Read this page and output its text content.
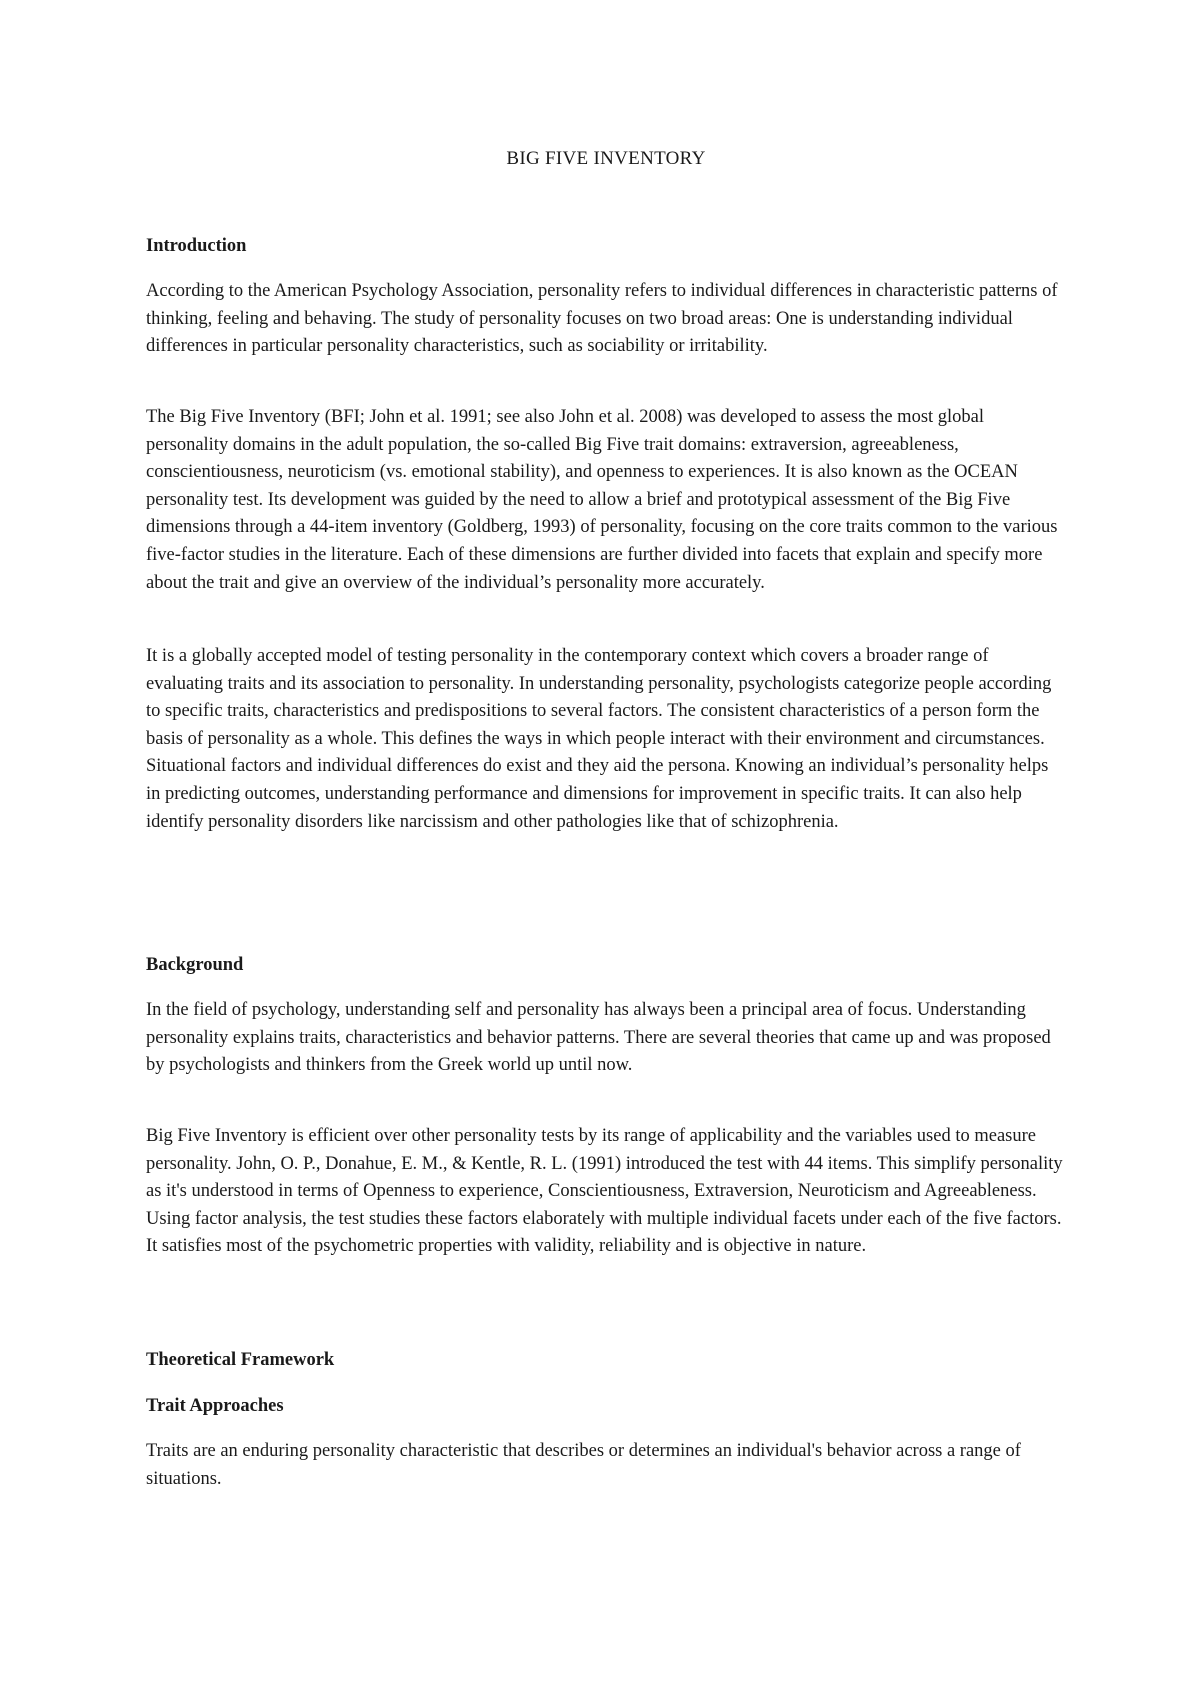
BIG FIVE INVENTORY
Introduction

According to the American Psychology Association, personality refers to individual differences in characteristic patterns of thinking, feeling and behaving. The study of personality focuses on two broad areas: One is understanding individual differences in particular personality characteristics, such as sociability or irritability.

The Big Five Inventory (BFI; John et al. 1991; see also John et al. 2008) was developed to assess the most global personality domains in the adult population, the so-called Big Five trait domains: extraversion, agreeableness, conscientiousness, neuroticism (vs. emotional stability), and openness to experiences. It is also known as the OCEAN personality test. Its development was guided by the need to allow a brief and prototypical assessment of the Big Five dimensions through a 44-item inventory (Goldberg, 1993) of personality, focusing on the core traits common to the various five-factor studies in the literature. Each of these dimensions are further divided into facets that explain and specify more about the trait and give an overview of the individual’s personality more accurately.

It is a globally accepted model of testing personality in the contemporary context which covers a broader range of evaluating traits and its association to personality. In understanding personality, psychologists categorize people according to specific traits, characteristics and predispositions to several factors. The consistent characteristics of a person form the basis of personality as a whole. This defines the ways in which people interact with their environment and circumstances. Situational factors and individual differences do exist and they aid the persona. Knowing an individual’s personality helps in predicting outcomes, understanding performance and dimensions for improvement in specific traits. It can also help identify personality disorders like narcissism and other pathologies like that of schizophrenia.

Background

In the field of psychology, understanding self and personality has always been a principal area of focus. Understanding personality explains traits, characteristics and behavior patterns. There are several theories that came up and was proposed by psychologists and thinkers from the Greek world up until now.

Big Five Inventory is efficient over other personality tests by its range of applicability and the variables used to measure personality. John, O. P., Donahue, E. M., & Kentle, R. L. (1991) introduced the test with 44 items. This simplify personality as it's understood in terms of Openness to experience, Conscientiousness, Extraversion, Neuroticism and Agreeableness. Using factor analysis, the test studies these factors elaborately with multiple individual facets under each of the five factors. It satisfies most of the psychometric properties with validity, reliability and is objective in nature.

Theoretical Framework
Trait Approaches

Traits are an enduring personality characteristic that describes or determines an individual's behavior across a range of situations.
